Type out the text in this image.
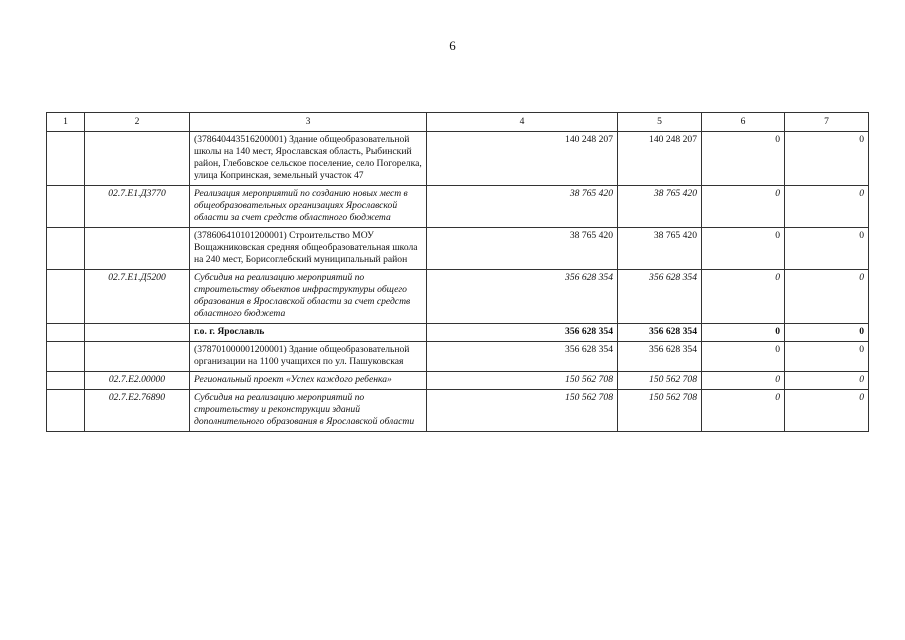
6
1	2	3	4	5	6	7
		(378640443516200001) Здание общеобразовательной школы на 140 мест, Ярославская область, Рыбинский район, Глебовское сельское поселение, село Погорелка, улица Копринская, земельный участок 47	140 248 207	140 248 207	0	0
	02.7.E1.Д3770	Реализация мероприятий по созданию новых мест в общеобразовательных организациях Ярославской области за счет средств областного бюджета	38 765 420	38 765 420	0	0
		(378606410101200001) Строительство МОУ Вощажниковская средняя общеобразовательная школа на 240 мест, Борисоглебский муниципальный район	38 765 420	38 765 420	0	0
	02.7.E1.Д5200	Субсидия на реализацию мероприятий по строительству объектов инфраструктуры общего образования в Ярославской области за счет средств областного бюджета	356 628 354	356 628 354	0	0
		г.о. г. Ярославль	356 628 354	356 628 354	0	0
		(378701000001200001) Здание общеобразовательной организации на 1100 учащихся по ул. Пашуковская	356 628 354	356 628 354	0	0
	02.7.E2.00000	Региональный проект «Успех каждого ребенка»	150 562 708	150 562 708	0	0
	02.7.E2.76890	Субсидия на реализацию мероприятий по строительству и реконструкции зданий дополнительного образования в Ярославской области	150 562 708	150 562 708	0	0
